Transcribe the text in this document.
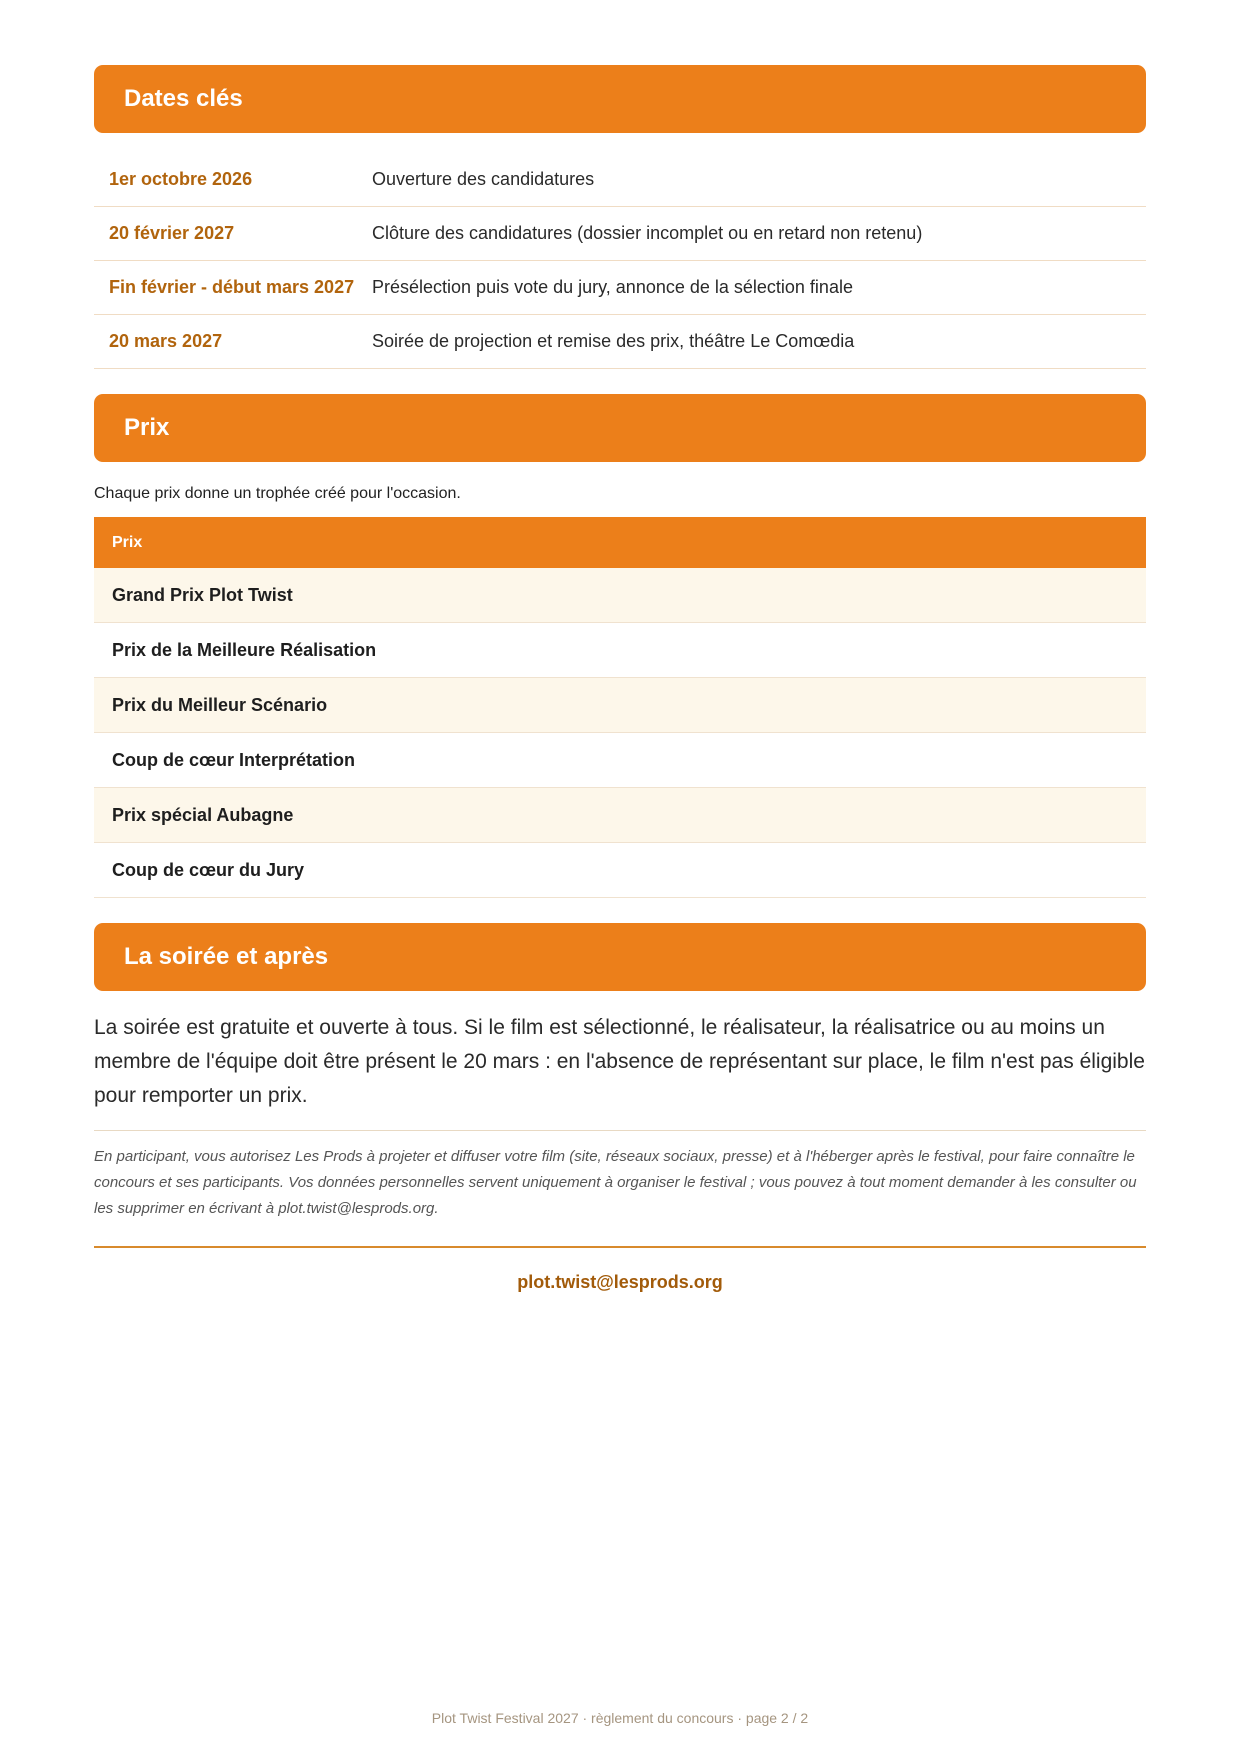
Dates clés
1er octobre 2026	Ouverture des candidatures
20 février 2027	Clôture des candidatures (dossier incomplet ou en retard non retenu)
Fin février - début mars 2027 Présélection puis vote du jury, annonce de la sélection finale
20 mars 2027	Soirée de projection et remise des prix, théâtre Le Comœdia
Prix
Chaque prix donne un trophée créé pour l'occasion.
Prix
Grand Prix Plot Twist
Prix de la Meilleure Réalisation
Prix du Meilleur Scénario
Coup de cœur Interprétation
Prix spécial Aubagne
Coup de cœur du Jury
La soirée et après
La soirée est gratuite et ouverte à tous. Si le film est sélectionné, le réalisateur, la réalisatrice ou au moins un membre de l'équipe doit être présent le 20 mars : en l'absence de représentant sur place, le film n'est pas éligible pour remporter un prix.
En participant, vous autorisez Les Prods à projeter et diffuser votre film (site, réseaux sociaux, presse) et à l'héberger après le festival, pour faire connaître le concours et ses participants. Vos données personnelles servent uniquement à organiser le festival ; vous pouvez à tout moment demander à les consulter ou les supprimer en écrivant à plot.twist@lesprods.org.
plot.twist@lesprods.org
Plot Twist Festival 2027 · règlement du concours · page 2 / 2
